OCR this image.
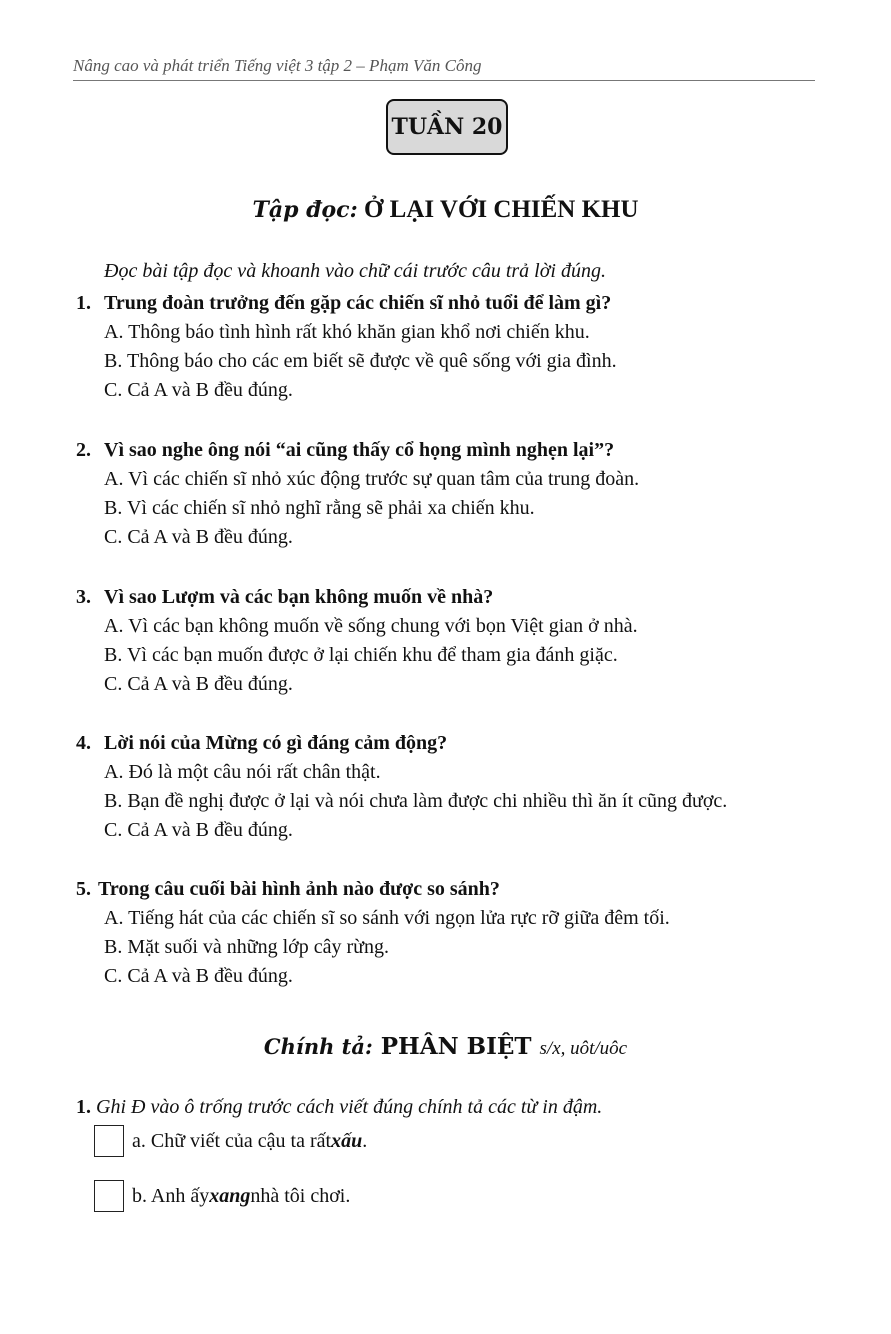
Nâng cao và phát triển Tiếng việt 3 tập 2 – Phạm Văn Công
TUẦN 20
Tập đọc: Ở LẠI VỚI CHIẾN KHU
Đọc bài tập đọc và khoanh vào chữ cái trước câu trả lời đúng.
1. Trung đoàn trưởng đến gặp các chiến sĩ nhỏ tuổi để làm gì?
A. Thông báo tình hình rất khó khăn gian khổ nơi chiến khu.
B. Thông báo cho các em biết sẽ được về quê sống với gia đình.
C. Cả A và B đều đúng.
2. Vì sao nghe ông nói “ai cũng thấy cổ họng mình nghẹn lại”?
A. Vì các chiến sĩ nhỏ xúc động trước sự quan tâm của trung đoàn.
B. Vì các chiến sĩ nhỏ nghĩ rằng sẽ phải xa chiến khu.
C. Cả A và B đều đúng.
3. Vì sao Lượm và các bạn không muốn về nhà?
A. Vì các bạn không muốn về sống chung với bọn Việt gian ở nhà.
B. Vì các bạn muốn được ở lại chiến khu để tham gia đánh giặc.
C. Cả A và B đều đúng.
4. Lời nói của Mừng có gì đáng cảm động?
A. Đó là một câu nói rất chân thật.
B. Bạn đề nghị được ở lại và nói chưa làm được chi nhiều thì ăn ít cũng được.
C. Cả A và B đều đúng.
5. Trong câu cuối bài hình ảnh nào được so sánh?
A. Tiếng hát của các chiến sĩ so sánh với ngọn lửa rực rỡ giữa đêm tối.
B. Mặt suối và những lớp cây rừng.
C. Cả A và B đều đúng.
Chính tả: PHÂN BIỆT s/x, uôt/uôc
1. Ghi Đ vào ô trống trước cách viết đúng chính tả các từ in đậm.
a. Chữ viết của cậu ta rất xấu .
b. Anh ấy xang nhà tôi chơi.
